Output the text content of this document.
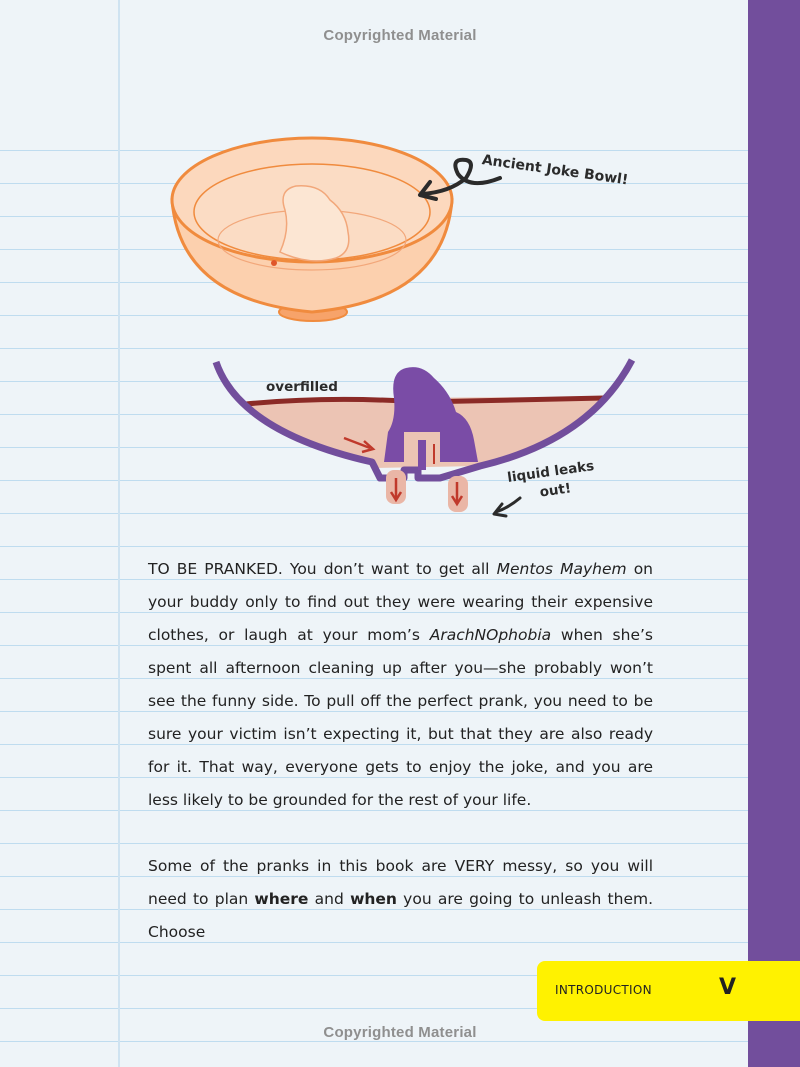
Copyrighted Material
Ancient Joke Bowl!
overfilled
liquid leaks out!

TO BE PRANKED. You don’t want to get all Mentos Mayhem on your buddy only to find out they were wearing their expensive clothes, or laugh at your mom’s ArachNOphobia when she’s spent all afternoon cleaning up after you—she probably won’t see the funny side. To pull off the perfect prank, you need to be sure your victim isn’t expecting it, but that they are also ready for it. That way, everyone gets to enjoy the joke, and you are less likely to be grounded for the rest of your life.

Some of the pranks in this book are VERY messy, so you will need to plan where and when you are going to unleash them. Choose

INTRODUCTION	V
Copyrighted Material
